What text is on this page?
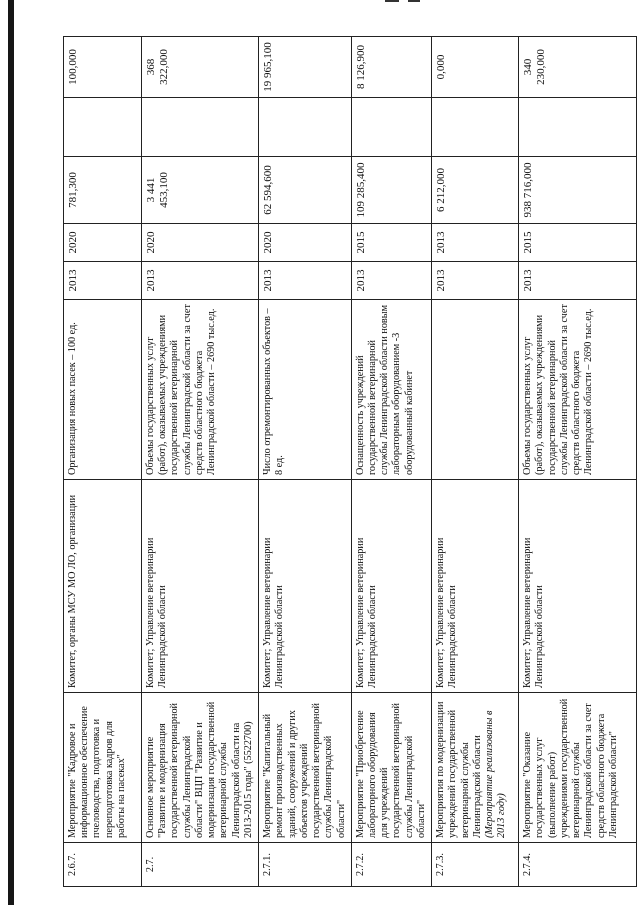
2.6.7.	Мероприятие "Кадровое и информационное обеспечение пчеловодства, подготовка и переподготовка кадров для работы на пасеках"	Комитет, органы МСУ МО ЛО, организации	Организация новых пасек – 100 ед.	2013	2020	781,300		100,000
2.7.	Основное мероприятие "Развитие и модернизация государственной ветеринарной службы Ленинградской области" ВЦП "Развитие и модернизация государственной ветеринарной службы Ленинградской области на 2013-2015 годы" (5522700)	Комитет; Управление ветеринарии Ленинградской области	Объемы государственных услуг (работ), оказываемых учреждениями государственной ветеринарной службы Ленинградской области за счет средств областного бюджета Ленинградской области – 2690 тыс.ед.	2013	2020	3 441 453,100		368 322,000
2.7.1.	Мероприятие "Капитальный ремонт производственных зданий, сооружений и других объектов учреждений государственной ветеринарной службы Ленинградской области"	Комитет; Управление ветеринарии Ленинградской области	Число отремонтированных объектов – 8 ед.	2013	2020	62 594,600		19 965,100
2.7.2.	Мероприятие "Приобретение лабораторного оборудования для учреждений государственной ветеринарной службы Ленинградской области"	Комитет; Управление ветеринарии Ленинградской области	Оснащенность учреждений государственной ветеринарной службы Ленинградской области новым лабораторным оборудованием -3 оборудованный кабинет	2013	2015	109 285,400		8 126,900
2.7.3.	Мероприятия по модернизации учреждений государственной ветеринарной службы Ленинградской области (Мероприятие реализованы в 2013 году)	Комитет; Управление ветеринарии Ленинградской области		2013	2013	6 212,000		0,000
2.7.4.	Мероприятие "Оказание государственных услуг (выполнение работ) учреждениями государственной ветеринарной службы Ленинградской области за счет средств областного бюджета Ленинградской области"	Комитет; Управление ветеринарии Ленинградской области	Объемы государственных услуг (работ), оказываемых учреждениями государственной ветеринарной службы Ленинградской области за счет средств областного бюджета Ленинградской области – 2690 тыс.ед.	2013	2015	938 716,000		340 230,000
